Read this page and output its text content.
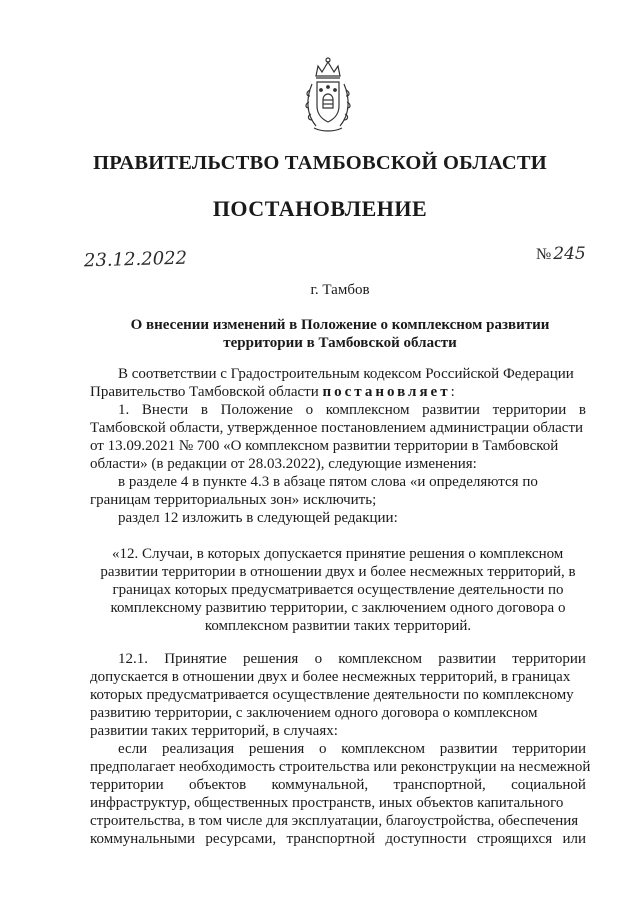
ПРАВИТЕЛЬСТВО ТАМБОВСКОЙ ОБЛАСТИ
ПОСТАНОВЛЕНИЕ
23.12.2022	№ 245
г. Тамбов
О внесении изменений в Положение о комплексном развитии
территории в Тамбовской области
В соответствии с Градостроительным кодексом Российской Федерации
Правительство Тамбовской области постановляет:
1. Внести в Положение о комплексном развитии территории в
Тамбовской области, утвержденное постановлением администрации области
от 13.09.2021 № 700 «О комплексном развитии территории в Тамбовской
области» (в редакции от 28.03.2022), следующие изменения:
в разделе 4 в пункте 4.3 в абзаце пятом слова «и определяются по
границам территориальных зон» исключить;
раздел 12 изложить в следующей редакции:
«12. Случаи, в которых допускается принятие решения о комплексном
развитии территории в отношении двух и более несмежных территорий, в
границах которых предусматривается осуществление деятельности по
комплексному развитию территории, с заключением одного договора о
комплексном развитии таких территорий.
12.1. Принятие решения о комплексном развитии территории
допускается в отношении двух и более несмежных территорий, в границах
которых предусматривается осуществление деятельности по комплексному
развитию территории, с заключением одного договора о комплексном
развитии таких территорий, в случаях:
если реализация решения о комплексном развитии территории
предполагает необходимость строительства или реконструкции на несмежной
территории объектов коммунальной, транспортной, социальной
инфраструктур, общественных пространств, иных объектов капитального
строительства, в том числе для эксплуатации, благоустройства, обеспечения
коммунальными ресурсами, транспортной доступности строящихся или
